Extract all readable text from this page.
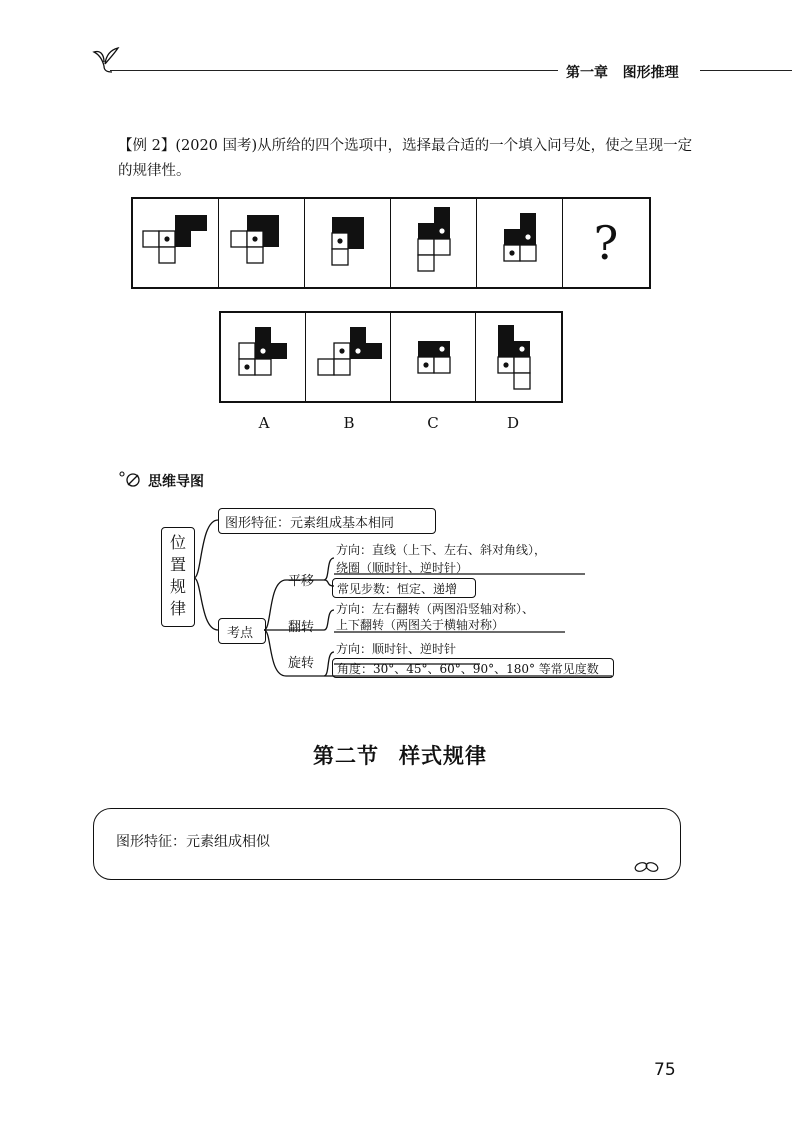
第一章 图形推理
【例 2】(2020 国考)从所给的四个选项中，选择最合适的一个填入问号处，使之呈现一定的规律性。
?
A	B	C	D
思维导图
位置规律
图形特征：元素组成基本相同
考点
平移
方向：直线（上下、左右、斜对角线），
绕圈（顺时针、逆时针）
常见步数：恒定、递增
翻转
方向：左右翻转（两图沿竖轴对称）、
上下翻转（两图关于横轴对称）
旋转
方向：顺时针、逆时针
角度：30°、45°、60°、90°、180° 等常见度数
第二节 样式规律
图形特征：元素组成相似
75
